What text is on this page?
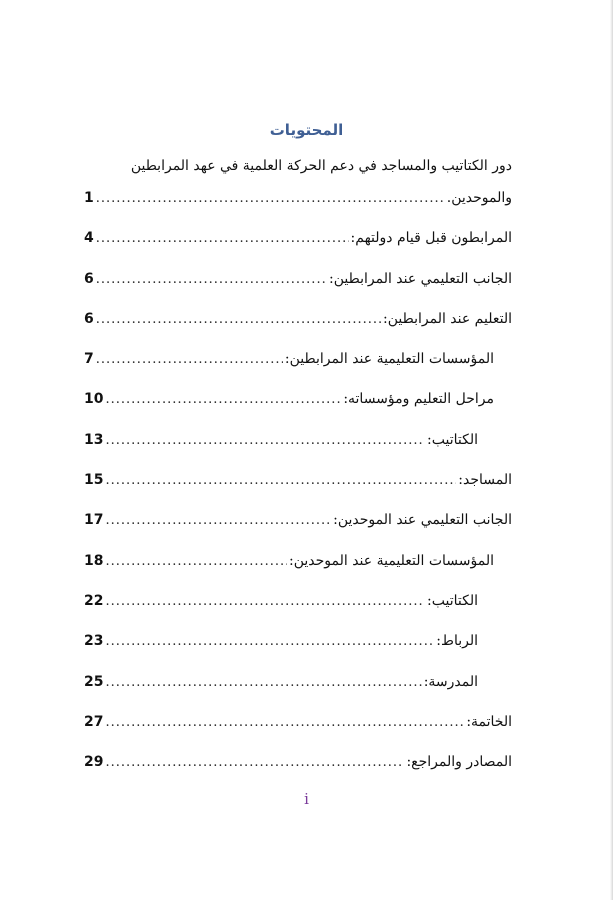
المحتويات
دور الكتاتيب والمساجد في دعم الحركة العلمية في عهد المرابطين
1 .....	والموحدين.
4 .....	المرابطون قبل قيام دولتهم:
6 .....	الجانب التعليمي عند المرابطين:
6 .....	التعليم عند المرابطين:
7 .....	المؤسسات التعليمية عند المرابطين:
10 .....	مراحل التعليم ومؤسساته:
13 .....	الكتاتيب:
15 .....	المساجد:
17 .....	الجانب التعليمي عند الموحدين:
18 .....	المؤسسات التعليمية عند الموحدين:
22 .....	الكتاتيب:
23 .....	الرباط:
25 .....	المدرسة:
27 .....	الخاتمة:
29 .....	المصادر والمراجع:
i
